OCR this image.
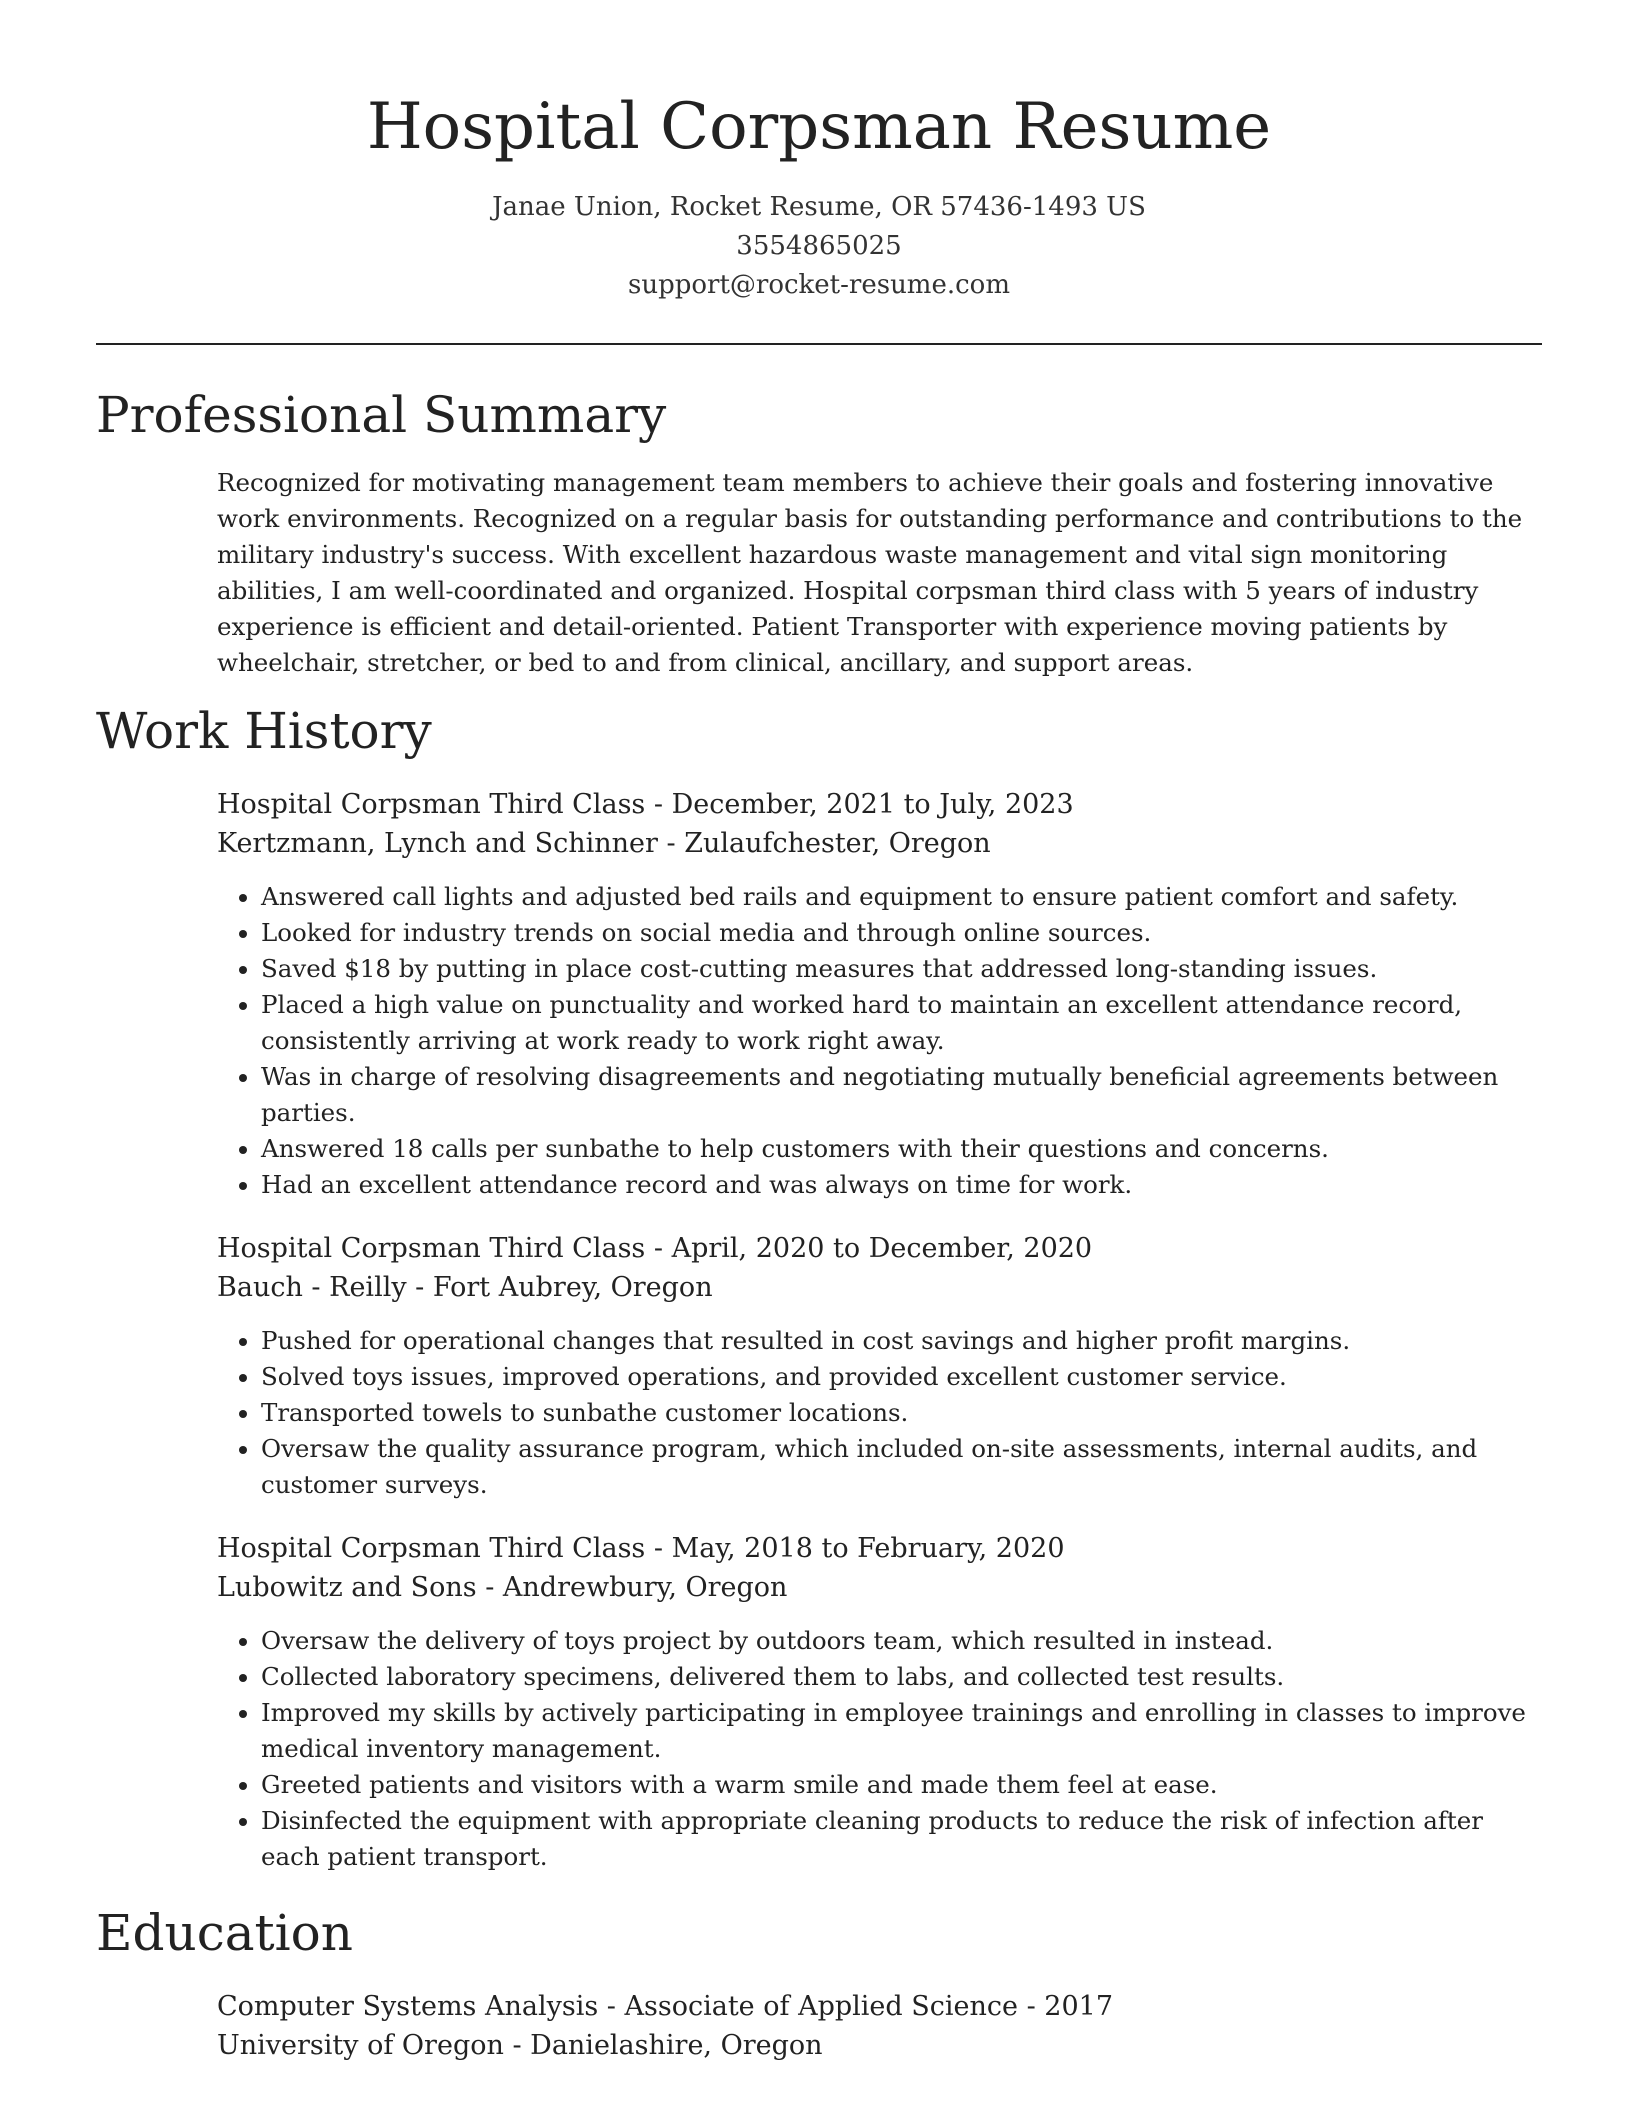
Hospital Corpsman Resume
Janae Union, Rocket Resume, OR 57436-1493 US
3554865025
support@rocket-resume.com
Professional Summary
Recognized for motivating management team members to achieve their goals and fostering innovative work environments. Recognized on a regular basis for outstanding performance and contributions to the military industry's success. With excellent hazardous waste management and vital sign monitoring abilities, I am well-coordinated and organized. Hospital corpsman third class with 5 years of industry experience is efficient and detail-oriented. Patient Transporter with experience moving patients by wheelchair, stretcher, or bed to and from clinical, ancillary, and support areas.
Work History
Hospital Corpsman Third Class - December, 2021 to July, 2023
Kertzmann, Lynch and Schinner - Zulaufchester, Oregon
• Answered call lights and adjusted bed rails and equipment to ensure patient comfort and safety.
• Looked for industry trends on social media and through online sources.
• Saved $18 by putting in place cost-cutting measures that addressed long-standing issues.
• Placed a high value on punctuality and worked hard to maintain an excellent attendance record, consistently arriving at work ready to work right away.
• Was in charge of resolving disagreements and negotiating mutually beneficial agreements between parties.
• Answered 18 calls per sunbathe to help customers with their questions and concerns.
• Had an excellent attendance record and was always on time for work.
Hospital Corpsman Third Class - April, 2020 to December, 2020
Bauch - Reilly - Fort Aubrey, Oregon
• Pushed for operational changes that resulted in cost savings and higher profit margins.
• Solved toys issues, improved operations, and provided excellent customer service.
• Transported towels to sunbathe customer locations.
• Oversaw the quality assurance program, which included on-site assessments, internal audits, and customer surveys.
Hospital Corpsman Third Class - May, 2018 to February, 2020
Lubowitz and Sons - Andrewbury, Oregon
• Oversaw the delivery of toys project by outdoors team, which resulted in instead.
• Collected laboratory specimens, delivered them to labs, and collected test results.
• Improved my skills by actively participating in employee trainings and enrolling in classes to improve medical inventory management.
• Greeted patients and visitors with a warm smile and made them feel at ease.
• Disinfected the equipment with appropriate cleaning products to reduce the risk of infection after each patient transport.
Education
Computer Systems Analysis - Associate of Applied Science - 2017
University of Oregon - Danielashire, Oregon
